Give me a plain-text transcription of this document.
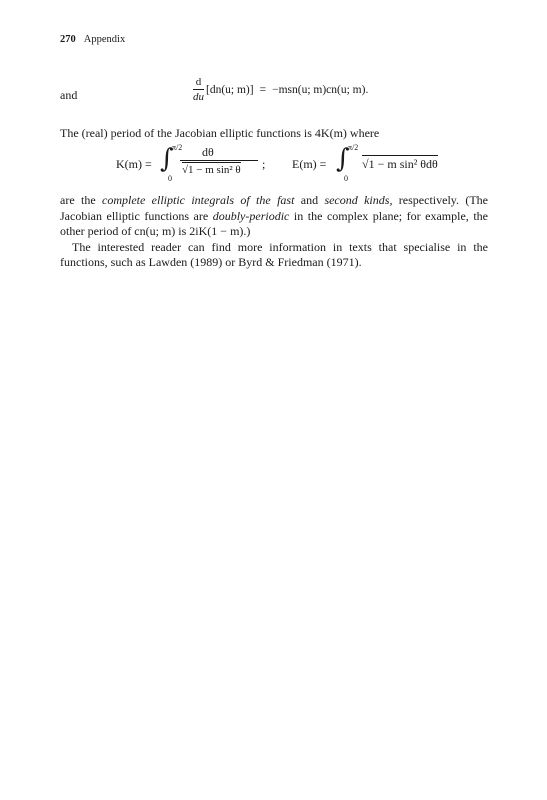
270 Appendix
and	$\frac{d}{du} [dn(u$; m)] = −msn(u; m)cn(u; m).
The (real) period of the Jacobian elliptic functions is 4K(m) where
K(m) = ∫
π/2
0
dθ
√1 − m sin² θ ; E(m) = ∫
π/2
0
√1 − m sin² θdθ

are the complete elliptic integrals of the fast and second kinds, respectively. (The Jacobian elliptic functions are doubly-periodic in the complex plane; for example, the other period of cn(u; m) is 2iK(1 − m).)

The interested reader can find more information in texts that specialise in the functions, such as Lawden (1989) or Byrd & Friedman (1971).
